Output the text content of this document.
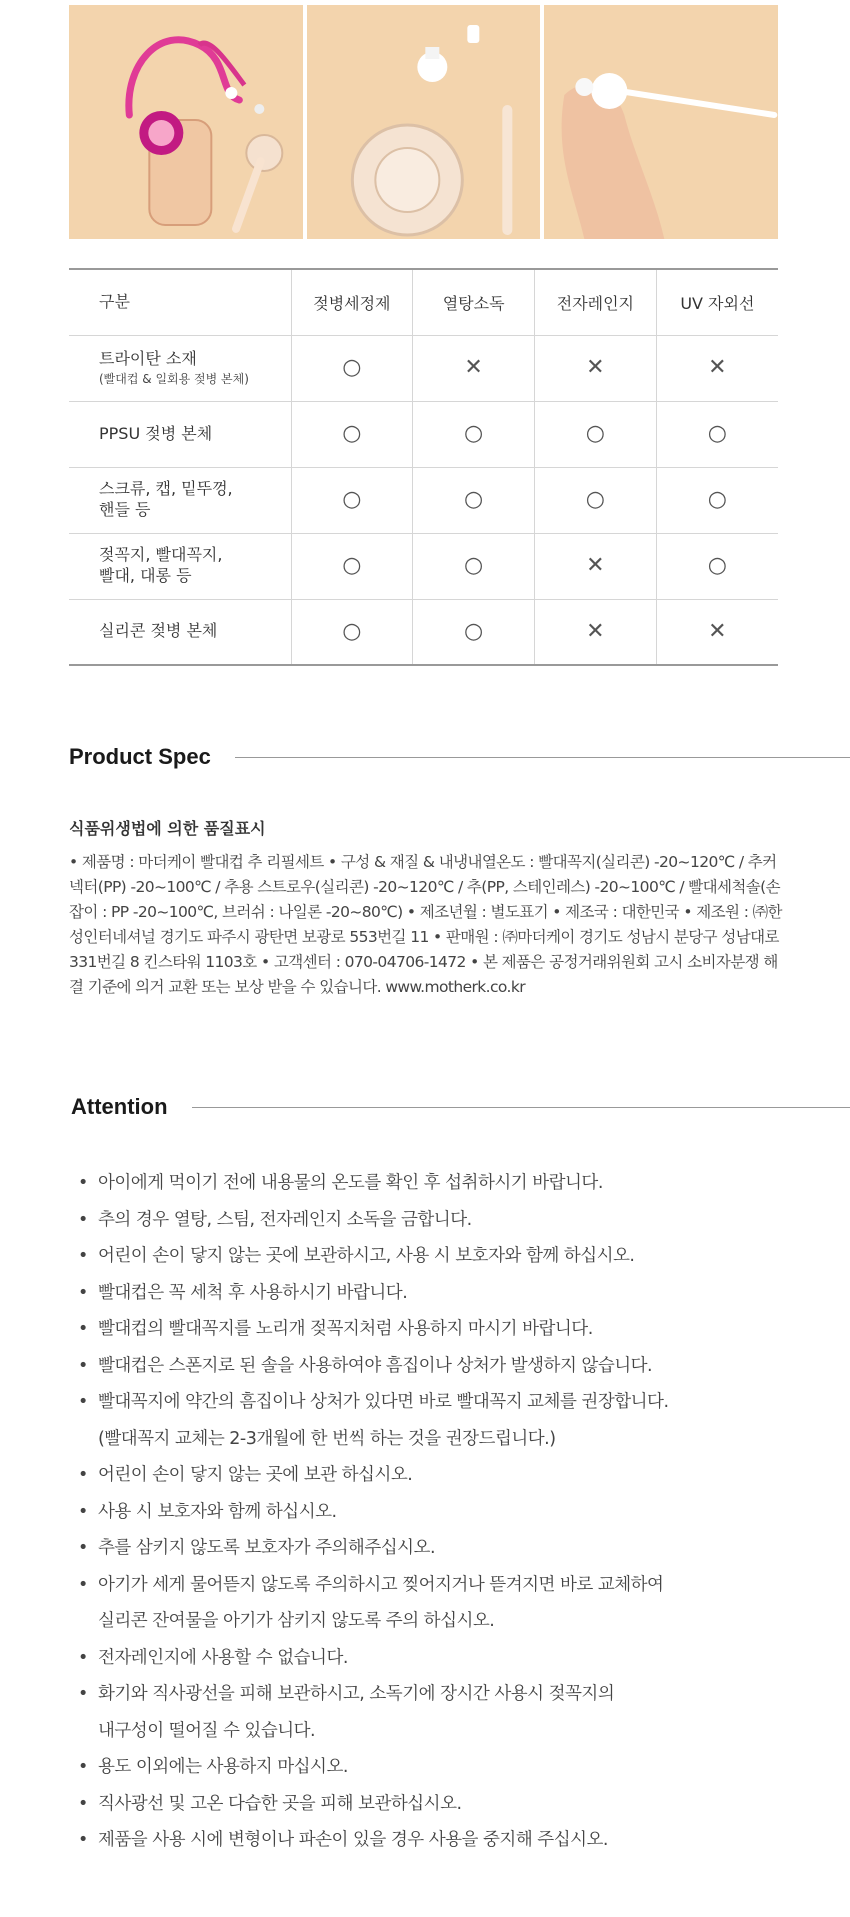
구분	젖병세정제	열탕소독	전자레인지	UV 자외선
트라이탄 소재
(빨대컵 & 일회용 젖병 본체)	○	✕	✕	✕
PPSU 젖병 본체	○	○	○	○
스크류, 캡, 밑뚜껑,
핸들 등	○	○	○	○
젖꼭지, 빨대꼭지,
빨대, 대롱 등	○	○	✕	○
실리콘 젖병 본체	○	○	✕	✕
Product Spec
식품위생법에 의한 품질표시
• 제품명 : 마더케이 빨대컵 추 리필세트 • 구성 & 재질 & 내냉내열온도 : 빨대꼭지(실리콘) -20~120℃ / 추커넥터(PP) -20~100℃ / 추용 스트로우(실리콘) -20~120℃ / 추(PP, 스테인레스) -20~100℃ / 빨대세척솔(손잡이 : PP -20~100℃, 브러쉬 : 나일론 -20~80℃) • 제조년월 : 별도표기 • 제조국 : 대한민국 • 제조원 : ㈜한성인터네셔널 경기도 파주시 광탄면 보광로 553번길 11 • 판매원 : ㈜마더케이 경기도 성남시 분당구 성남대로 331번길 8 킨스타워 1103호 • 고객센터 : 070-04706-1472 • 본 제품은 공정거래위원회 고시 소비자분쟁 해결 기준에 의거 교환 또는 보상 받을 수 있습니다. www.motherk.co.kr
Attention
• 아이에게 먹이기 전에 내용물의 온도를 확인 후 섭취하시기 바랍니다.
• 추의 경우 열탕, 스팀, 전자레인지 소독을 금합니다.
• 어린이 손이 닿지 않는 곳에 보관하시고, 사용 시 보호자와 함께 하십시오.
• 빨대컵은 꼭 세척 후 사용하시기 바랍니다.
• 빨대컵의 빨대꼭지를 노리개 젖꼭지처럼 사용하지 마시기 바랍니다.
• 빨대컵은 스폰지로 된 솔을 사용하여야 흠집이나 상처가 발생하지 않습니다.
• 빨대꼭지에 약간의 흠집이나 상처가 있다면 바로 빨대꼭지 교체를 권장합니다.
(빨대꼭지 교체는 2-3개월에 한 번씩 하는 것을 권장드립니다.)
• 어린이 손이 닿지 않는 곳에 보관 하십시오.
• 사용 시 보호자와 함께 하십시오.
• 추를 삼키지 않도록 보호자가 주의해주십시오.
• 아기가 세게 물어뜯지 않도록 주의하시고 찢어지거나 뜯겨지면 바로 교체하여
실리콘 잔여물을 아기가 삼키지 않도록 주의 하십시오.
• 전자레인지에 사용할 수 없습니다.
• 화기와 직사광선을 피해 보관하시고, 소독기에 장시간 사용시 젖꼭지의
내구성이 떨어질 수 있습니다.
• 용도 이외에는 사용하지 마십시오.
• 직사광선 및 고온 다습한 곳을 피해 보관하십시오.
• 제품을 사용 시에 변형이나 파손이 있을 경우 사용을 중지해 주십시오.
